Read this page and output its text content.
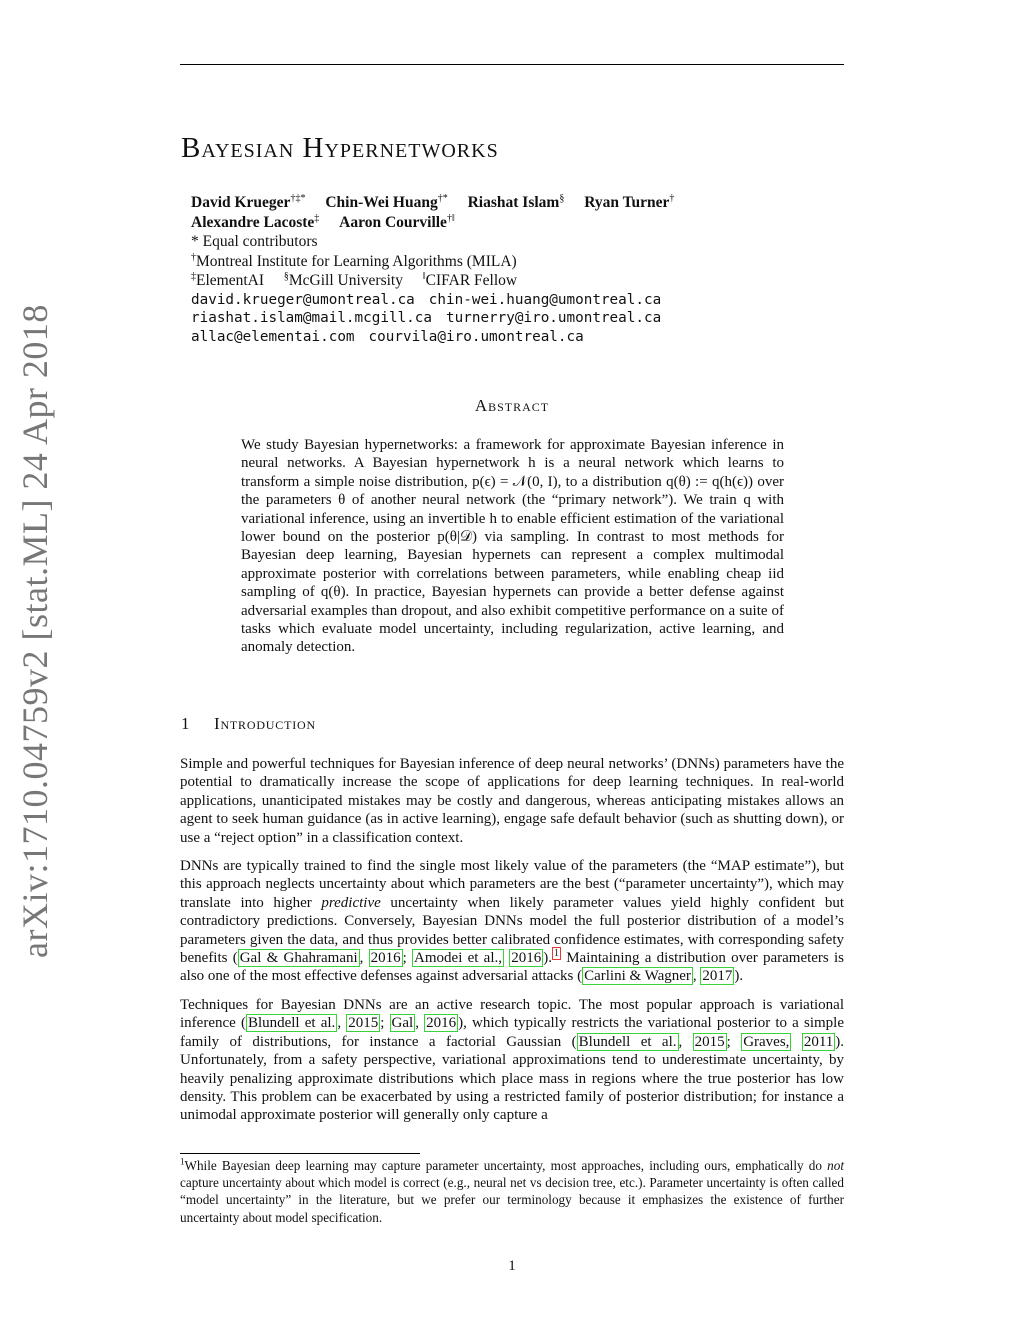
arXiv:1710.04759v2 [stat.ML] 24 Apr 2018
Bayesian Hypernetworks
David Krueger†‡* Chin-Wei Huang†* Riashat Islam§ Ryan Turner†
Alexandre Lacoste‡ Aaron Courville†‖
* Equal contributors
†Montreal Institute for Learning Algorithms (MILA)
‡ElementAI §McGill University ‖CIFAR Fellow
david.krueger@umontreal.ca chin-wei.huang@umontreal.ca
riashat.islam@mail.mcgill.ca turnerry@iro.umontreal.ca
allac@elementai.com courvila@iro.umontreal.ca
Abstract
We study Bayesian hypernetworks: a framework for approximate Bayesian inference in neural networks. A Bayesian hypernetwork h is a neural network which learns to transform a simple noise distribution, p(ϵ) = 𝒩(0, I), to a distribution q(θ) := q(h(ϵ)) over the parameters θ of another neural network (the “primary network”). We train q with variational inference, using an invertible h to enable efficient estimation of the variational lower bound on the posterior p(θ|𝒟) via sampling. In contrast to most methods for Bayesian deep learning, Bayesian hypernets can represent a complex multimodal approximate posterior with correlations between parameters, while enabling cheap iid sampling of q(θ). In practice, Bayesian hypernets can provide a better defense against adversarial examples than dropout, and also exhibit competitive performance on a suite of tasks which evaluate model uncertainty, including regularization, active learning, and anomaly detection.
1 Introduction

Simple and powerful techniques for Bayesian inference of deep neural networks’ (DNNs) parameters have the potential to dramatically increase the scope of applications for deep learning techniques. In real-world applications, unanticipated mistakes may be costly and dangerous, whereas anticipating mistakes allows an agent to seek human guidance (as in active learning), engage safe default behavior (such as shutting down), or use a “reject option” in a classification context.

DNNs are typically trained to find the single most likely value of the parameters (the “MAP estimate”), but this approach neglects uncertainty about which parameters are the best (“parameter uncertainty”), which may translate into higher predictive uncertainty when likely parameter values yield highly confident but contradictory predictions. Conversely, Bayesian DNNs model the full posterior distribution of a model’s parameters given the data, and thus provides better calibrated confidence estimates, with corresponding safety benefits ( Gal & Ghahramani , 2016 ; Amodei et al., 2016 ). $^1$ Maintaining a distribution over parameters is also one of the most effective defenses against adversarial attacks ( Carlini & Wagner , 2017 ).

Techniques for Bayesian DNNs are an active research topic. The most popular approach is variational inference ( Blundell et al. , 2015 ; Gal , 2016 ), which typically restricts the variational posterior to a simple family of distributions, for instance a factorial Gaussian ( Blundell et al. , 2015 ; Graves, 2011 ). Unfortunately, from a safety perspective, variational approximations tend to underestimate uncertainty, by heavily penalizing approximate distributions which place mass in regions where the true posterior has low density. This problem can be exacerbated by using a restricted family of posterior distribution; for instance a unimodal approximate posterior will generally only capture a

$^1$While Bayesian deep learning may capture parameter uncertainty, most approaches, including ours, emphatically do not capture uncertainty about which model is correct (e.g., neural net vs decision tree, etc.). Parameter uncertainty is often called “model uncertainty” in the literature, but we prefer our terminology because it emphasizes the existence of further uncertainty about model specification.
1
